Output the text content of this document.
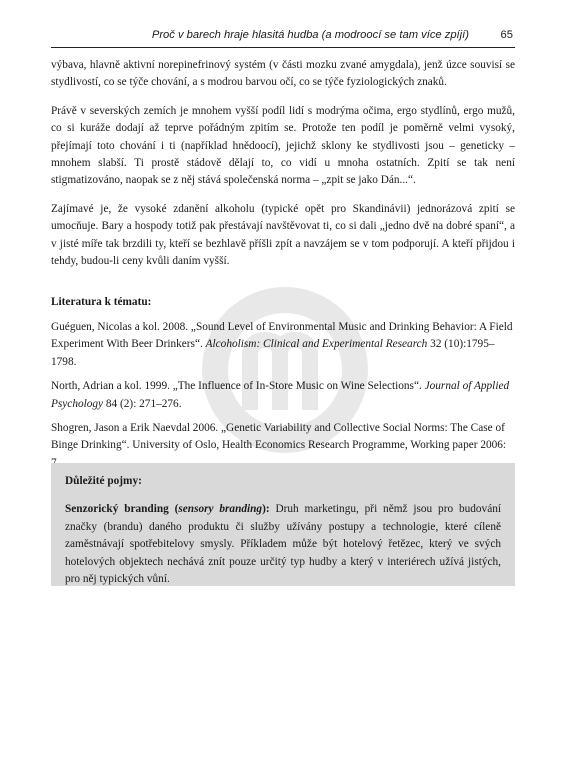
Proč v barech hraje hlasitá hudba (a modroocí se tam více zpíjí)	65

výbava, hlavně aktivní norepinefrinový systém (v části mozku zvané amygdala), jenž úzce souvisí se stydlivostí, co se týče chování, a s modrou barvou očí, co se týče fyziologických znaků.

Právě v severských zemích je mnohem vyšší podíl lidí s modrýma očima, ergo stydlínů, ergo mužů, co si kuráže dodají až teprve pořádným zpitím se. Protože ten podíl je poměrně velmi vysoký, přejímají toto chování i ti (například hnědoocí), jejichž sklony ke stydlivosti jsou – geneticky – mnohem slabší. Ti prostě stádově dělají to, co vidí u mnoha ostatních. Zpití se tak není stigmatizováno, naopak se z něj stává společenská norma – „zpit se jako Dán...“.

Zajímavé je, že vysoké zdanění alkoholu (typické opět pro Skandinávii) jednorázová zpití se umocňuje. Bary a hospody totiž pak přestávají navštěvovat ti, co si dali „jedno dvě na dobré spaní“, a v jisté míře tak brzdili ty, kteří se bezhlavě příšli zpít a navzájem se v tom podporují. A kteří přijdou i tehdy, budou-li ceny kvůli daním vyšší.

Literatura k tématu:

Guéguen, Nicolas a kol. 2008. „Sound Level of Environmental Music and Drinking Behavior: A Field Experiment With Beer Drinkers“. Alcoholism: Clinical and Experimental Research 32 (10):1795–1798.

North, Adrian a kol. 1999. „The Influence of In-Store Music on Wine Selections“. Journal of Applied Psychology 84 (2): 271–276.

Shogren, Jason a Erik Naevdal 2006. „Genetic Variability and Collective Social Norms: The Case of Binge Drinking“. University of Oslo, Health Economics Research Programme, Working paper 2006:

Důležité pojmy:

Senzorický branding (sensory branding): Druh marketingu, při němž jsou pro budování značky (brandu) daného produktu či služby užívány postupy a technologie, které cíleně zaměstnávají spotřebitelovy smysly. Příkladem může být hotelový řetězec, který ve svých hotelových objektech nechává znít pouze určitý typ hudby a který v interiérech užívá jistých, pro něj typických vůní.
